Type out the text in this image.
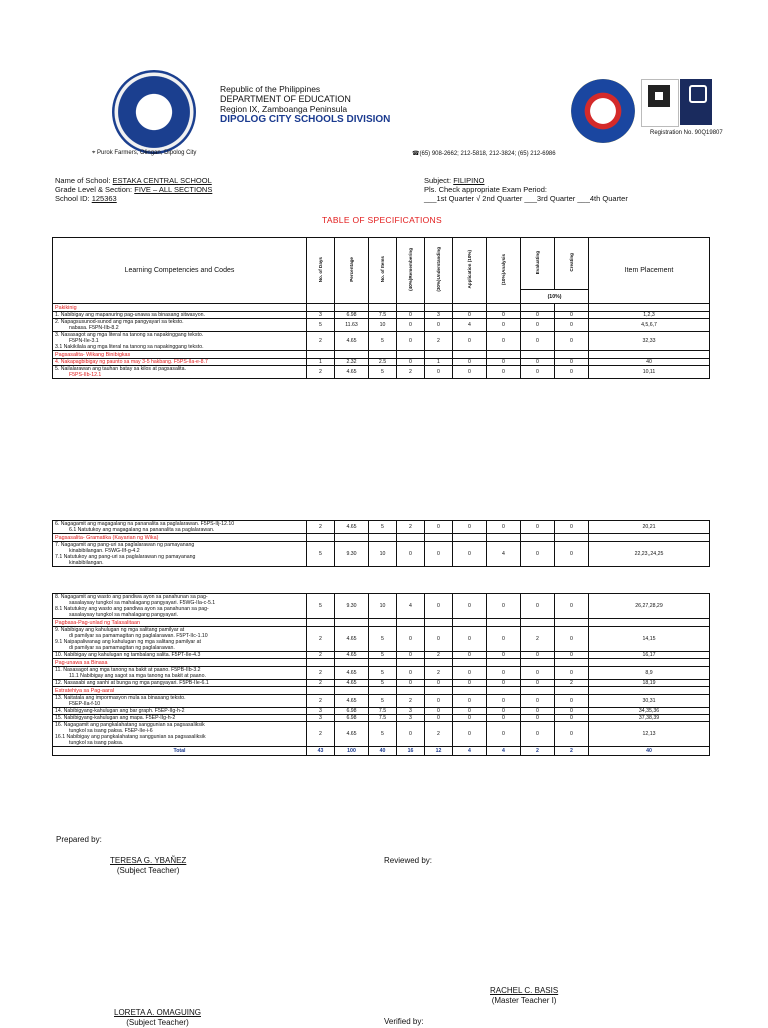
Republic of the Philippines
DEPARTMENT OF EDUCATION
Region IX, Zamboanga Peninsula
DIPOLOG CITY SCHOOLS DIVISION
Registration No. 90Q19807
⌖ Purok Farmers, Olingan, Dipolog City	☎(65) 908-2662; 212-5818, 212-3824; (65) 212-6986
Name of School: ESTAKA CENTRAL SCHOOL
Grade Level & Section: FIVE – ALL SECTIONS
School ID: 125363
Subject: FILIPINO
Pls. Check appropriate Exam Period:
___1st Quarter √ 2nd Quarter ___3rd Quarter ___4th Quarter
TABLE OF SPECIFICATIONS
Learning Competencies and Codes	No. of Days	Percentage	No. of Items	(40%)Remembering	(30%)Understanding	Application (10%)	(10%)Analysis	Evaluating	Creating	Item Placement
								(10%)		
Pakikinig										

1. Nabibigay ang mapanuring pag-unawa sa binasang sitwasyon.	3	6.98	7.5	0	3	0	0	0	0	1,2,3

2. Napagsusunod-sunod ang mga pangyayari sa teksto.
nabasa. F5PN-IIb-8.2	5	11.63	10	0	0	4	0	0	0	4,5,6,7

3. Nasasagot ang mga literal na tanong sa napakinggang teksto.
F5PN-IIe-3.1
3.1 Nakikilala ang mga literal na tanong sa napakinggang teksto.	2	4.65	5	0	2	0	0	0	0	32,33
Pagsasalita- Wikang Binibigkas										

4. Nakapagbibigay ng paunto sa may 3-5 hakbang. F5PS-IIa-e-8.7	1	2.32	2.5	0	1	0	0	0	0	40

5. Nailalarawan ang tauhan batay sa kilos at pagsasalita.
F5PS-IIb-12.1	2	4.65	5	2	0	0	0	0	0	10,11
6. Nagagamit ang magagalang na pananalita sa paglalarawan. F5PS-IIj-12.10
6.1 Natutukoy ang magagalang na pananalita sa paglalarawan.	2	4.65	5	2	0	0	0	0	0	20,21
Pagsasalita- Gramatika (Kayarian ng Wika)										

7. Nagagamit ang pang-uri sa paglalarawan ng pamayanang
kinabibilangan. F5WG-IIf-g-4.2
7.1 Natutukoy ang pang-uri sa paglalarawan ng pamayanang
kinabibilangan.	5	9.30	10	0	0	0	4	0	0	22,23,,24,25
8. Nagagamit ang wasto ang pandiwa ayon sa panahunan sa pag-
sasalaysay tungkol sa mahalagang pangyayari. F5WG-IIa-c-5.1
8.1 Natutukoy ang wasto ang pandiwa ayon sa panahunan sa pag-
sasalaysay tungkol sa mahalagang pangyayari.	5	9.30	10	4	0	0	0	0	0	26,27,28,29
Pagbasa-Pag-unlad ng Talasalitaan										

9. Nabibigay ang kahulugan ng mga salitang pamilyar at
di pamilyar sa pamamagitan ng paglalarawan. F5PT-IIc-1.10
9.1 Naipapaliwanag ang kahulugan ng mga salitang pamilyar at
di pamilyar sa pamamagitan ng paglalarawan.	2	4.65	5	0	0	0	0	2	0	14,15

10. Nabibigay ang kahulugan ng tambalang salita. F5PT-IIe-4.3	2	4.65	5	0	2	0	0	0	0	16,17
Pag-unawa sa Binasa										

11. Nasasagot ang mga tanong na bakit at paano. F5PB-IIb-3.2
11.1 Nabibigay ang sagot sa mga tanong na bakit at paano.	2	4.65	5	0	2	0	0	0	0	8,9

12. Nasasabi ang sanhi at bunga ng mga pangyayari. F5PB-IIe-6.1	2	4.65	5	0	0	0	0	0	2	18,19
Estratehiya sa Pag-aaral										

13. Naitatala ang impormasyon mula sa binasang teksto.
F5EP-IIa-f-10	2	4.65	5	2	0	0	0	0	0	30,31

14. Nabibigyang-kahulugan ang bar graph. F5EP-IIg-h-2	3	6.98	7.5	3	0	0	0	0	0	34,35,36

15. Nabibigyang-kahulugan ang mapa. F5EP-IIg-h-2	3	6.98	7.5	3	0	0	0	0	0	37,38,39

16. Nagagamit ang pangkalahatang sanggunian sa pagsasaliksik
tungkol sa isang paksa. F5EP-IIe-i-6
16.1 Nabibigay ang pangkalahatang sanggunian sa pagsasaliksik
tungkol sa isang paksa.	2	4.65	5	0	2	0	0	0	0	12,13
Total	43	100	40	16	12	4	4	2	2	40
Prepared by:
TERESA G. YBAÑEZ
(Subject Teacher)
Reviewed by:
RACHEL C. BASIS
(Master Teacher I)
LORETA A. OMAGUING
(Subject Teacher)	Verified by:
